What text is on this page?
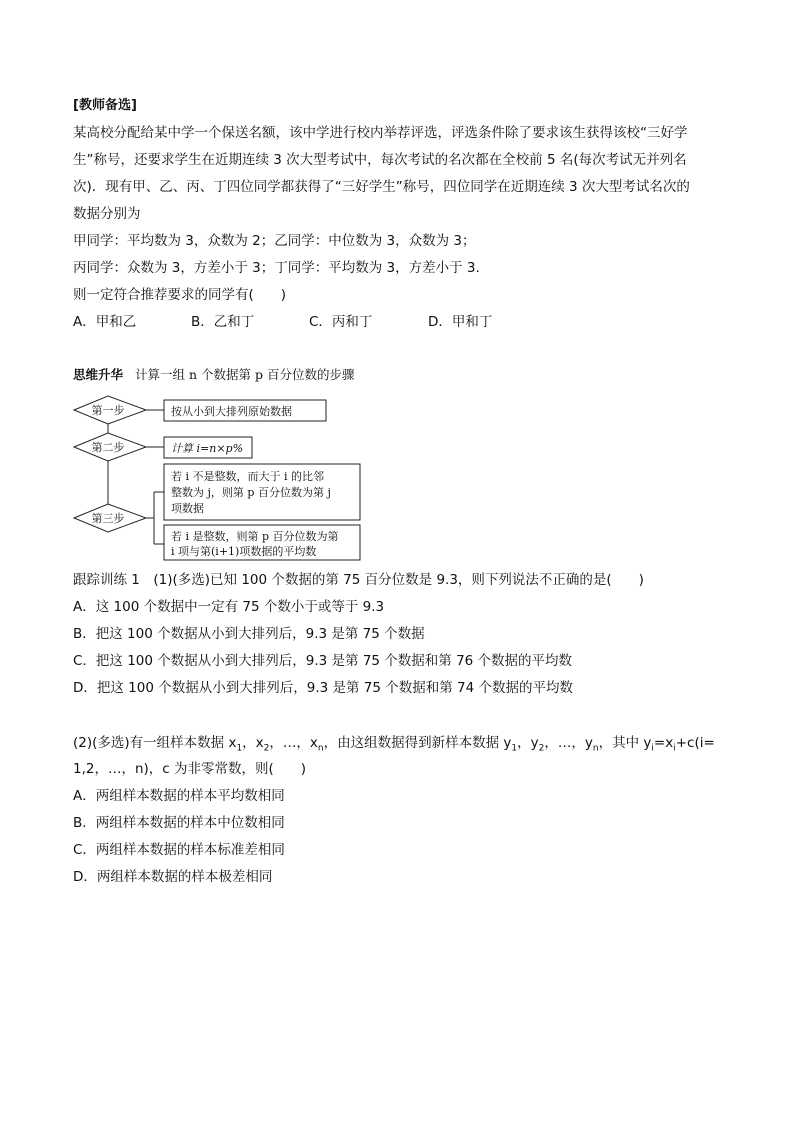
[教师备选]
某高校分配给某中学一个保送名额，该中学进行校内举荐评选，评选条件除了要求该生获得该校“三好学
生”称号，还要求学生在近期连续 3 次大型考试中，每次考试的名次都在全校前 5 名(每次考试无并列名
次)．现有甲、乙、丙、丁四位同学都获得了“三好学生”称号，四位同学在近期连续 3 次大型考试名次的
数据分别为
甲同学：平均数为 3，众数为 2；乙同学：中位数为 3，众数为 3；
丙同学：众数为 3，方差小于 3；丁同学：平均数为 3，方差小于 3.
则一定符合推荐要求的同学有(　　)
A．甲和乙	B．乙和丁	C．丙和丁	D．甲和丁
思维升华 计算一组 n 个数据第 p 百分位数的步骤
第一步
第二步
第三步
按从小到大排列原始数据
计算 i=n×p%
若 i 不是整数，而大于 i 的比邻
整数为 j，则第 p 百分位数为第 j
项数据
若 i 是整数，则第 p 百分位数为第
i 项与第(i+1)项数据的平均数
跟踪训练 1　(1)(多选)已知 100 个数据的第 75 百分位数是 9.3，则下列说法不正确的是(　　)
A．这 100 个数据中一定有 75 个数小于或等于 9.3
B．把这 100 个数据从小到大排列后，9.3 是第 75 个数据
C．把这 100 个数据从小到大排列后，9.3 是第 75 个数据和第 76 个数据的平均数
D．把这 100 个数据从小到大排列后，9.3 是第 75 个数据和第 74 个数据的平均数
(2)(多选)有一组样本数据 $x_1$，$x_2$，…，$x_n$，由这组数据得到新样本数据 $y_1$，$y_2$，…，$y_n$，其中 $y_i=x_i+c(i=$
1,2，…，n)，c 为非零常数，则(　　)
A．两组样本数据的样本平均数相同
B．两组样本数据的样本中位数相同
C．两组样本数据的样本标准差相同
D．两组样本数据的样本极差相同
